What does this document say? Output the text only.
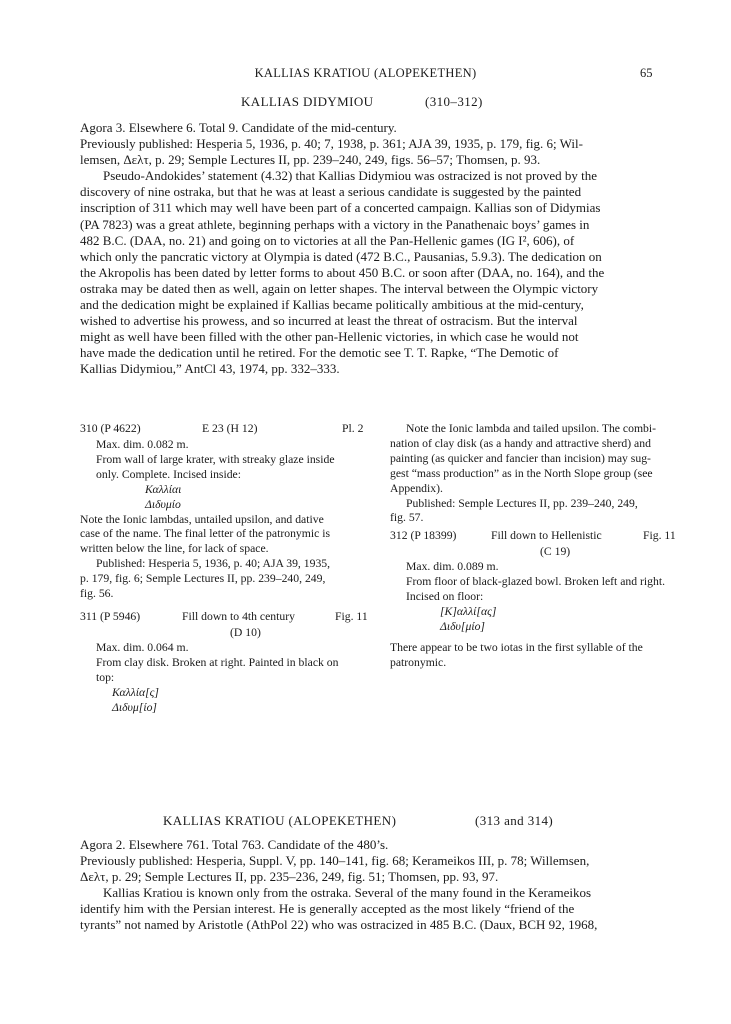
KALLIAS KRATIOU (ALOPEKETHEN)	65
KALLIAS DIDYMIOU	(310–312)

Agora 3. Elsewhere 6. Total 9. Candidate of the mid-century.

Previously published: Hesperia 5, 1936, p. 40; 7, 1938, p. 361; AJA 39, 1935, p. 179, fig. 6; Wil-

lemsen, Δελτ, p. 29; Semple Lectures II, pp. 239–240, 249, figs. 56–57; Thomsen, p. 93.

Pseudo-Andokides’ statement (4.32) that Kallias Didymiou was ostracized is not proved by the

discovery of nine ostraka, but that he was at least a serious candidate is suggested by the painted

inscription of 311 which may well have been part of a concerted campaign. Kallias son of Didymias

(PA 7823) was a great athlete, beginning perhaps with a victory in the Panathenaic boys’ games in

482 B.C. (DAA, no. 21) and going on to victories at all the Pan-Hellenic games (IG I², 606), of

which only the pancratic victory at Olympia is dated (472 B.C., Pausanias, 5.9.3). The dedication on

the Akropolis has been dated by letter forms to about 450 B.C. or soon after (DAA, no. 164), and the

ostraka may be dated then as well, again on letter shapes. The interval between the Olympic victory

and the dedication might be explained if Kallias became politically ambitious at the mid-century,

wished to advertise his prowess, and so incurred at least the threat of ostracism. But the interval

might as well have been filled with the other pan-Hellenic victories, in which case he would not

have made the dedication until he retired. For the demotic see T. T. Rapke, “The Demotic of

Kallias Didymiou,” AntCl 43, 1974, pp. 332–333.

310 (P 4622)	E 23 (H 12)	Pl. 2

Max. dim. 0.082 m.

From wall of large krater, with streaky glaze inside

only. Complete. Incised inside:

Καλλίαι

Διδυμίο

Note the Ionic lambdas, untailed upsilon, and dative

case of the name. The final letter of the patronymic is

written below the line, for lack of space.

Published: Hesperia 5, 1936, p. 40; AJA 39, 1935,

p. 179, fig. 6; Semple Lectures II, pp. 239–240, 249,

fig. 56.

311 (P 5946)	Fill down to 4th century	Fig. 11

(D 10)

Max. dim. 0.064 m.

From clay disk. Broken at right. Painted in black on

top:

Καλλία[ς]

Διδυμ[ίο]

Note the Ionic lambda and tailed upsilon. The combi-

nation of clay disk (as a handy and attractive sherd) and

painting (as quicker and fancier than incision) may sug-

gest “mass production” as in the North Slope group (see

Appendix).

Published: Semple Lectures II, pp. 239–240, 249,

fig. 57.

312 (P 18399)	Fill down to Hellenistic	Fig. 11

(C 19)

Max. dim. 0.089 m.

From floor of black-glazed bowl. Broken left and right.

Incised on floor:

[Κ]αλλί[ας]

Διδυ[μίο]

There appear to be two iotas in the first syllable of the

patronymic.

KALLIAS KRATIOU (ALOPEKETHEN)	(313 and 314)

Agora 2. Elsewhere 761. Total 763. Candidate of the 480’s.

Previously published: Hesperia, Suppl. V, pp. 140–141, fig. 68; Kerameikos III, p. 78; Willemsen,

Δελτ, p. 29; Semple Lectures II, pp. 235–236, 249, fig. 51; Thomsen, pp. 93, 97.

Kallias Kratiou is known only from the ostraka. Several of the many found in the Kerameikos

identify him with the Persian interest. He is generally accepted as the most likely “friend of the

tyrants” not named by Aristotle (AthPol 22) who was ostracized in 485 B.C. (Daux, BCH 92, 1968,
